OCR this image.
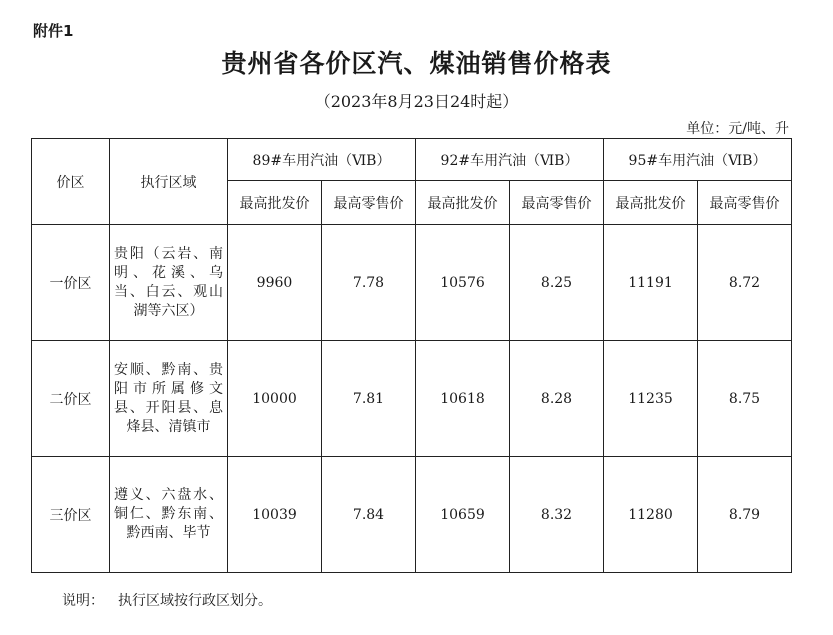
附件1
贵州省各价区汽、煤油销售价格表
（2023年8月23日24时起）
单位：元/吨、升
价区	执行区域	89#车用汽油（ⅥB）		92#车用汽油（ⅥB）		95#车用汽油（ⅥB）	
		最高批发价	最高零售价	最高批发价	最高零售价	最高批发价	最高零售价
一价区	贵阳（云岩、南明、花溪、乌当、白云、观山湖等六区）	9960	7.78	10576	8.25	11191	8.72
二价区	安顺、黔南、贵阳市所属修文县、开阳县、息烽县、清镇市	10000	7.81	10618	8.28	11235	8.75
三价区	遵义、六盘水、铜仁、黔东南、黔西南、毕节	10039	7.84	10659	8.32	11280	8.79
说明： 执行区域按行政区划分。
